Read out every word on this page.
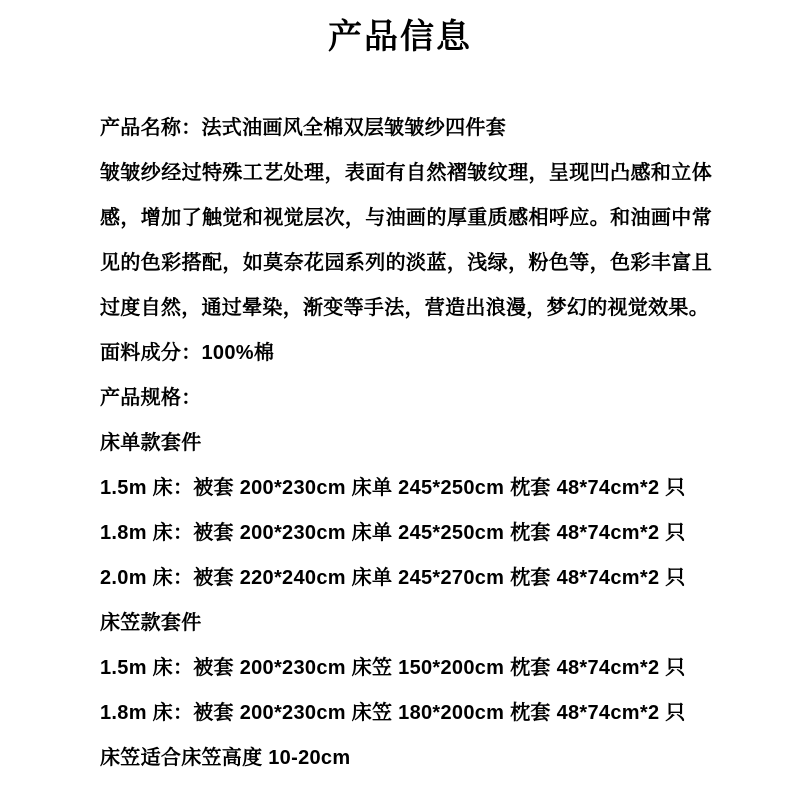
产品信息

产品名称：法式油画风全棉双层皱皱纱四件套

皱皱纱经过特殊工艺处理，表面有自然褶皱纹理，呈现凹凸感和立体

感，增加了触觉和视觉层次，与油画的厚重质感相呼应。和油画中常

见的色彩搭配，如莫奈花园系列的淡蓝，浅绿，粉色等，色彩丰富且

过度自然，通过晕染，渐变等手法，营造出浪漫，梦幻的视觉效果。

面料成分：100%棉

产品规格：

床单款套件

1.5m 床：被套 200*230cm 床单 245*250cm 枕套 48*74cm*2 只

1.8m 床：被套 200*230cm 床单 245*250cm 枕套 48*74cm*2 只

2.0m 床：被套 220*240cm 床单 245*270cm 枕套 48*74cm*2 只

床笠款套件

1.5m 床：被套 200*230cm 床笠 150*200cm 枕套 48*74cm*2 只

1.8m 床：被套 200*230cm 床笠 180*200cm 枕套 48*74cm*2 只

床笠适合床笠高度 10-20cm
